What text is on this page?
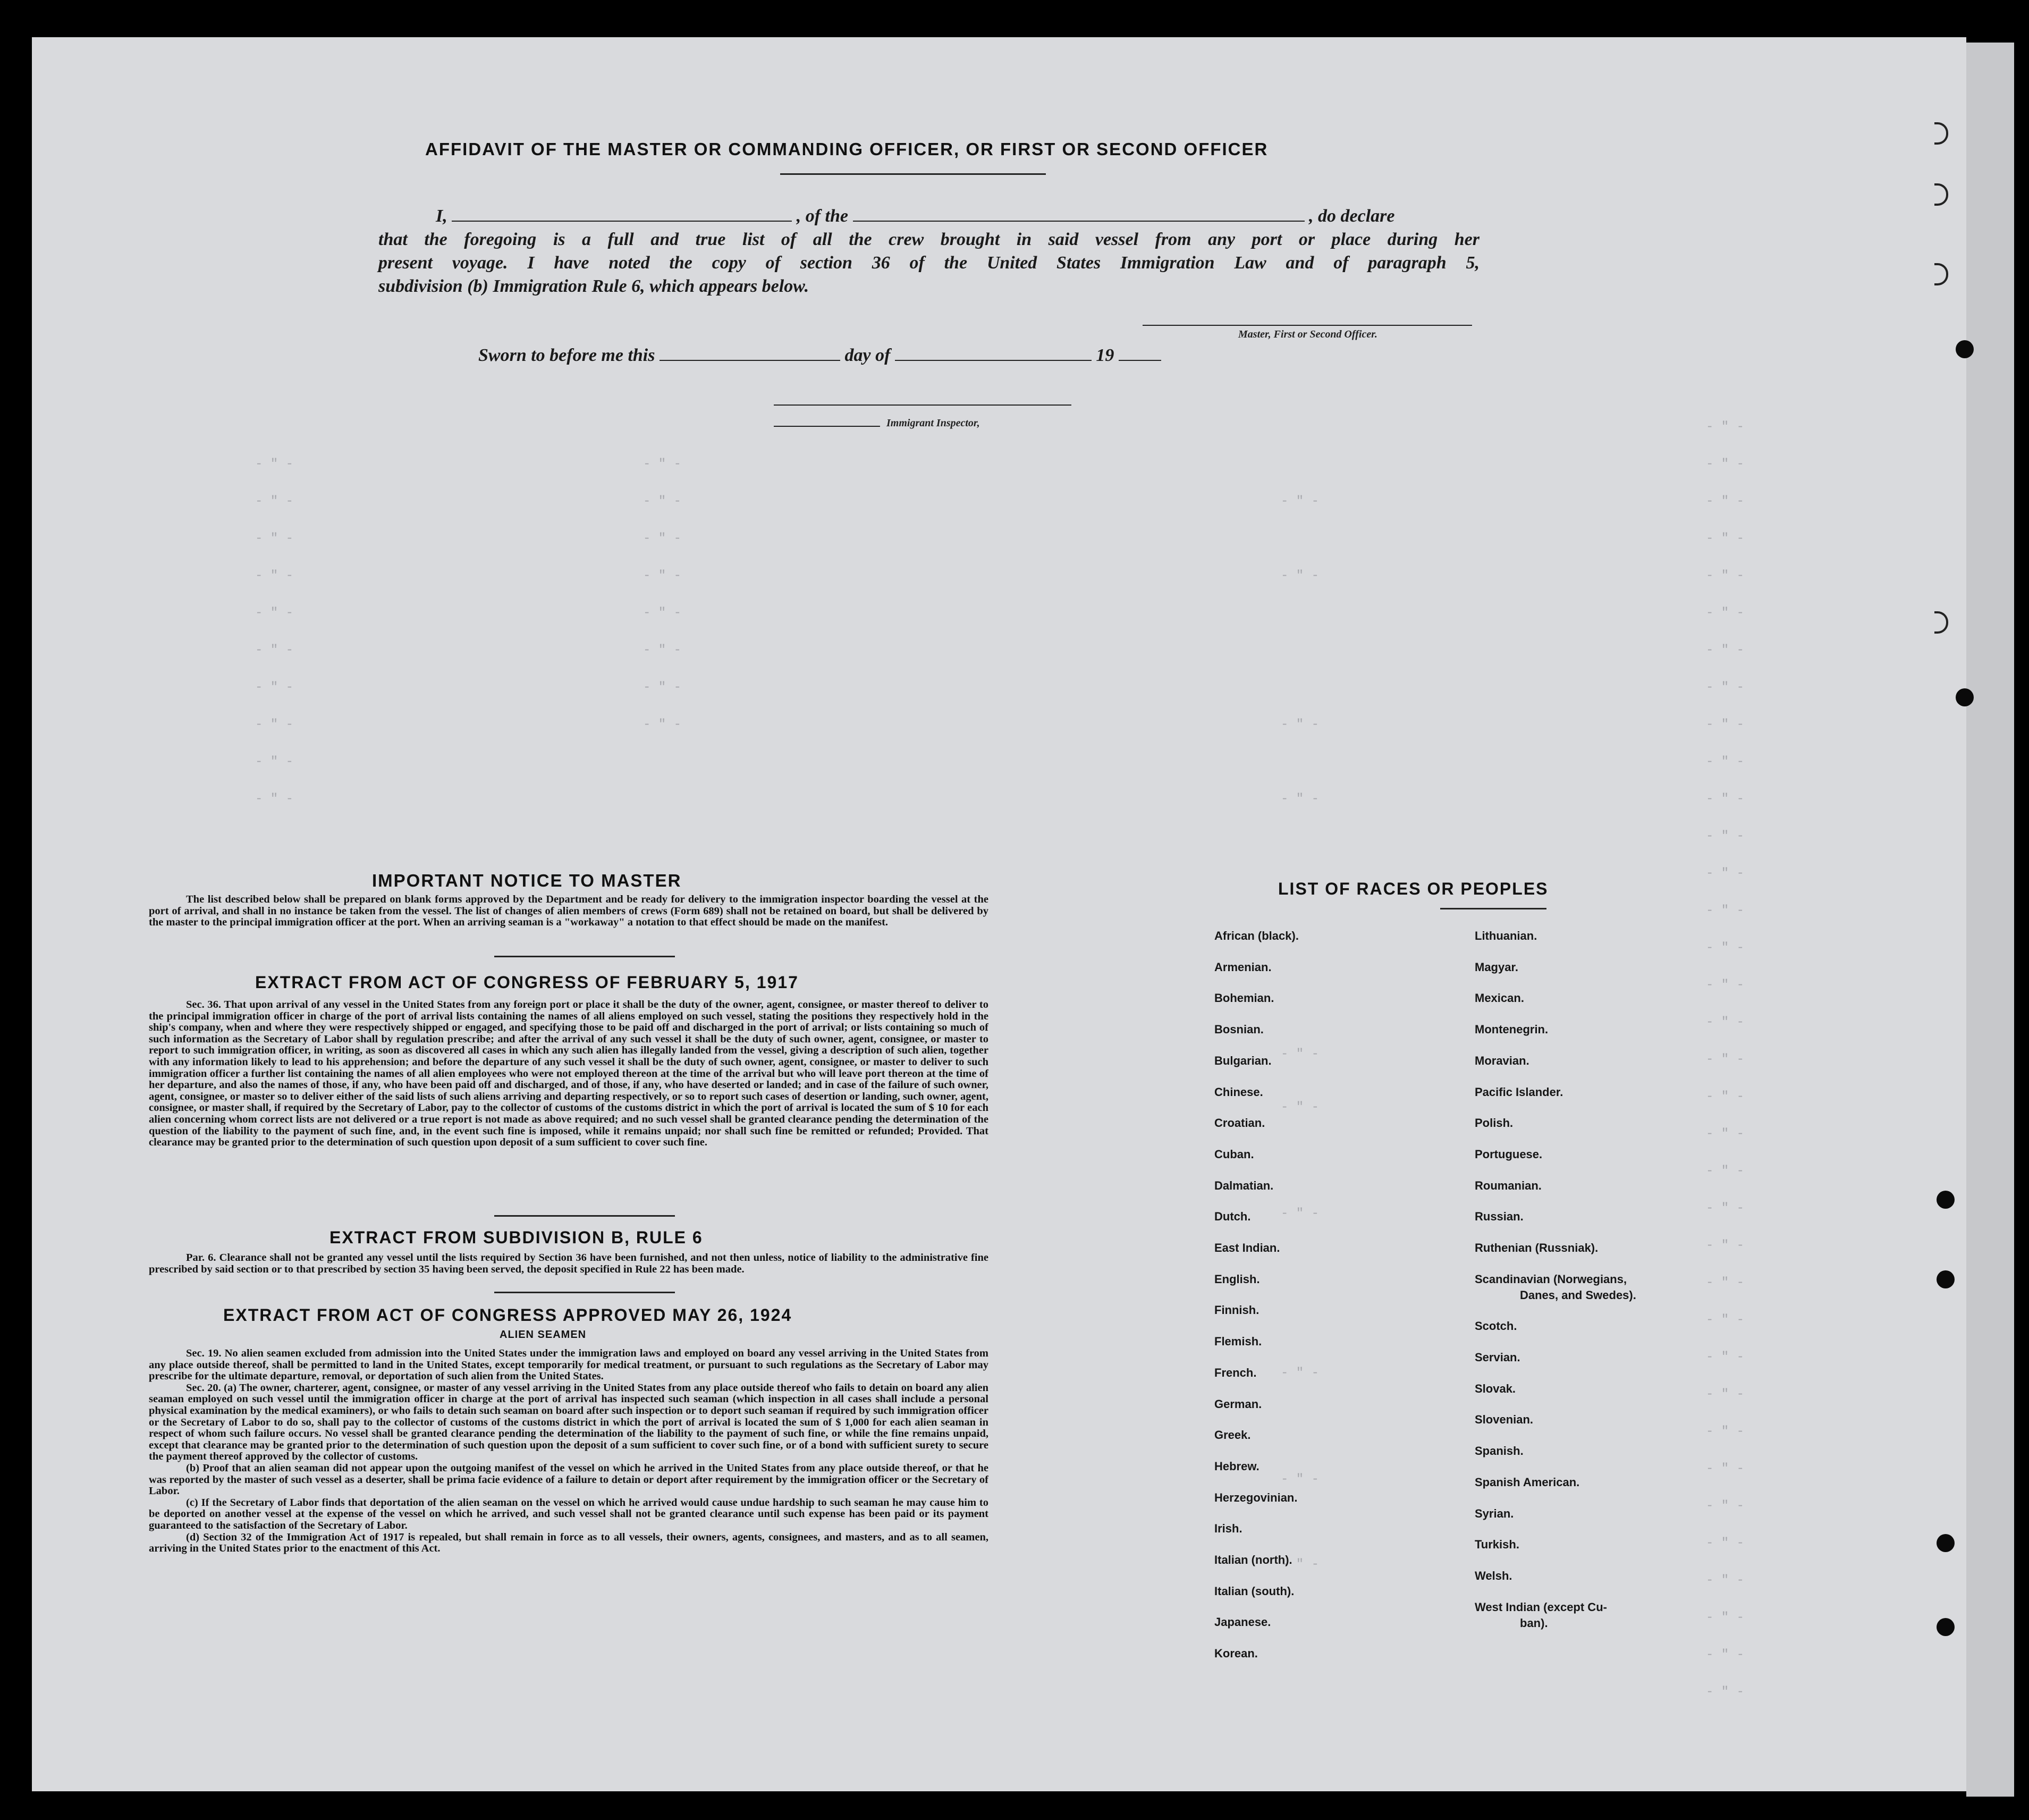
- " -
- " -
- " -
- " -
- " -
- " -
- " -
- " -
- " -
- " -
- " -
- " -
- " -
- " -
- " -
- " -
- " -
- " -
- " -
- " -
- " -
- " -
- " -
- " -
- " -
- " -
- " -
- " -
- " -
- " -
- " -
- " -
- " -
- " -
- " -
- " -
- " -
- " -
- " -
- " -
- " -
- " -
- " -
- " -
- " -
- " -
- " -
- " -
- " -
- " -
- " -
- " -
- " -
- " -
- " -
- " -
- " -
- " -
- " -
- " -
- " -
- " -
- " -
AFFIDAVIT OF THE MASTER OR COMMANDING OFFICER, OR FIRST OR SECOND OFFICER
I,	, of the	, do declare
that the foregoing is a full and true list of all the crew brought in said vessel from any port or place during her
present voyage. I have noted the copy of section 36 of the United States Immigration Law and of paragraph 5,
subdivision (b) Immigration Rule 6, which appears below.
Master, First or Second Officer.
Sworn to before me this	day of	19
Immigrant Inspector,
IMPORTANT NOTICE TO MASTER

The list described below shall be prepared on blank forms approved by the Department and be ready for delivery to the immigration inspector boarding the vessel at the port of arrival, and shall in no instance be taken from the vessel. The list of changes of alien members of crews (Form 689) shall not be retained on board, but shall be delivered by the master to the principal immigration officer at the port. When an arriving seaman is a "workaway" a notation to that effect should be made on the manifest.

EXTRACT FROM ACT OF CONGRESS OF FEBRUARY 5, 1917

Sec. 36. That upon arrival of any vessel in the United States from any foreign port or place it shall be the duty of the owner, agent, consignee, or master thereof to deliver to the principal immigration officer in charge of the port of arrival lists containing the names of all aliens employed on such vessel, stating the positions they respectively hold in the ship's company, when and where they were respectively shipped or engaged, and specifying those to be paid off and discharged in the port of arrival; or lists containing so much of such information as the Secretary of Labor shall by regulation prescribe; and after the arrival of any such vessel it shall be the duty of such owner, agent, consignee, or master to report to such immigration officer, in writing, as soon as discovered all cases in which any such alien has illegally landed from the vessel, giving a description of such alien, together with any information likely to lead to his apprehension; and before the departure of any such vessel it shall be the duty of such owner, agent, consignee, or master to deliver to such immigration officer a further list containing the names of all alien employees who were not employed thereon at the time of the arrival but who will leave port thereon at the time of her departure, and also the names of those, if any, who have been paid off and discharged, and of those, if any, who have deserted or landed; and in case of the failure of such owner, agent, consignee, or master so to deliver either of the said lists of such aliens arriving and departing respectively, or so to report such cases of desertion or landing, such owner, agent, consignee, or master shall, if required by the Secretary of Labor, pay to the collector of customs of the customs district in which the port of arrival is located the sum of $ 10 for each alien concerning whom correct lists are not delivered or a true report is not made as above required; and no such vessel shall be granted clearance pending the determination of the question of the liability to the payment of such fine, and, in the event such fine is imposed, while it remains unpaid; nor shall such fine be remitted or refunded; Provided. That clearance may be granted prior to the determination of such question upon deposit of a sum sufficient to cover such fine.

EXTRACT FROM SUBDIVISION B, RULE 6

Par. 6. Clearance shall not be granted any vessel until the lists required by Section 36 have been furnished, and not then unless, notice of liability to the administrative fine prescribed by said section or to that prescribed by section 35 having been served, the deposit specified in Rule 22 has been made.

EXTRACT FROM ACT OF CONGRESS APPROVED MAY 26, 1924
ALIEN SEAMEN

Sec. 19. No alien seamen excluded from admission into the United States under the immigration laws and employed on board any vessel arriving in the United States from any place outside thereof, shall be permitted to land in the United States, except temporarily for medical treatment, or pursuant to such regulations as the Secretary of Labor may prescribe for the ultimate departure, removal, or deportation of such alien from the United States.

Sec. 20. (a) The owner, charterer, agent, consignee, or master of any vessel arriving in the United States from any place outside thereof who fails to detain on board any alien seaman employed on such vessel until the immigration officer in charge at the port of arrival has inspected such seaman (which inspection in all cases shall include a personal physical examination by the medical examiners), or who fails to detain such seaman on board after such inspection or to deport such seaman if required by such immigration officer or the Secretary of Labor to do so, shall pay to the collector of customs of the customs district in which the port of arrival is located the sum of $ 1,000 for each alien seaman in respect of whom such failure occurs. No vessel shall be granted clearance pending the determination of the liability to the payment of such fine, or while the fine remains unpaid, except that clearance may be granted prior to the determination of such question upon the deposit of a sum sufficient to cover such fine, or of a bond with sufficient surety to secure the payment thereof approved by the collector of customs.

(b) Proof that an alien seaman did not appear upon the outgoing manifest of the vessel on which he arrived in the United States from any place outside thereof, or that he was reported by the master of such vessel as a deserter, shall be prima facie evidence of a failure to detain or deport after requirement by the immigration officer or the Secretary of Labor.

(c) If the Secretary of Labor finds that deportation of the alien seaman on the vessel on which he arrived would cause undue hardship to such seaman he may cause him to be deported on another vessel at the expense of the vessel on which he arrived, and such vessel shall not be granted clearance until such expense has been paid or its payment guaranteed to the satisfaction of the Secretary of Labor.

(d) Section 32 of the Immigration Act of 1917 is repealed, but shall remain in force as to all vessels, their owners, agents, consignees, and masters, and as to all seamen, arriving in the United States prior to the enactment of this Act.

LIST OF RACES OR PEOPLES
African (black).
Armenian.
Bohemian.
Bosnian.
Bulgarian.
Chinese.
Croatian.
Cuban.
Dalmatian.
Dutch.
East Indian.
English.
Finnish.
Flemish.
French.
German.
Greek.
Hebrew.
Herzegovinian.
Irish.
Italian (north).
Italian (south).
Japanese.
Korean.
Lithuanian.
Magyar.
Mexican.
Montenegrin.
Moravian.
Pacific Islander.
Polish.
Portuguese.
Roumanian.
Russian.
Ruthenian (Russniak).
Scandinavian (Norwegians,
Danes, and Swedes).
Scotch.
Servian.
Slovak.
Slovenian.
Spanish.
Spanish American.
Syrian.
Turkish.
Welsh.
West Indian (except Cu-
ban).
